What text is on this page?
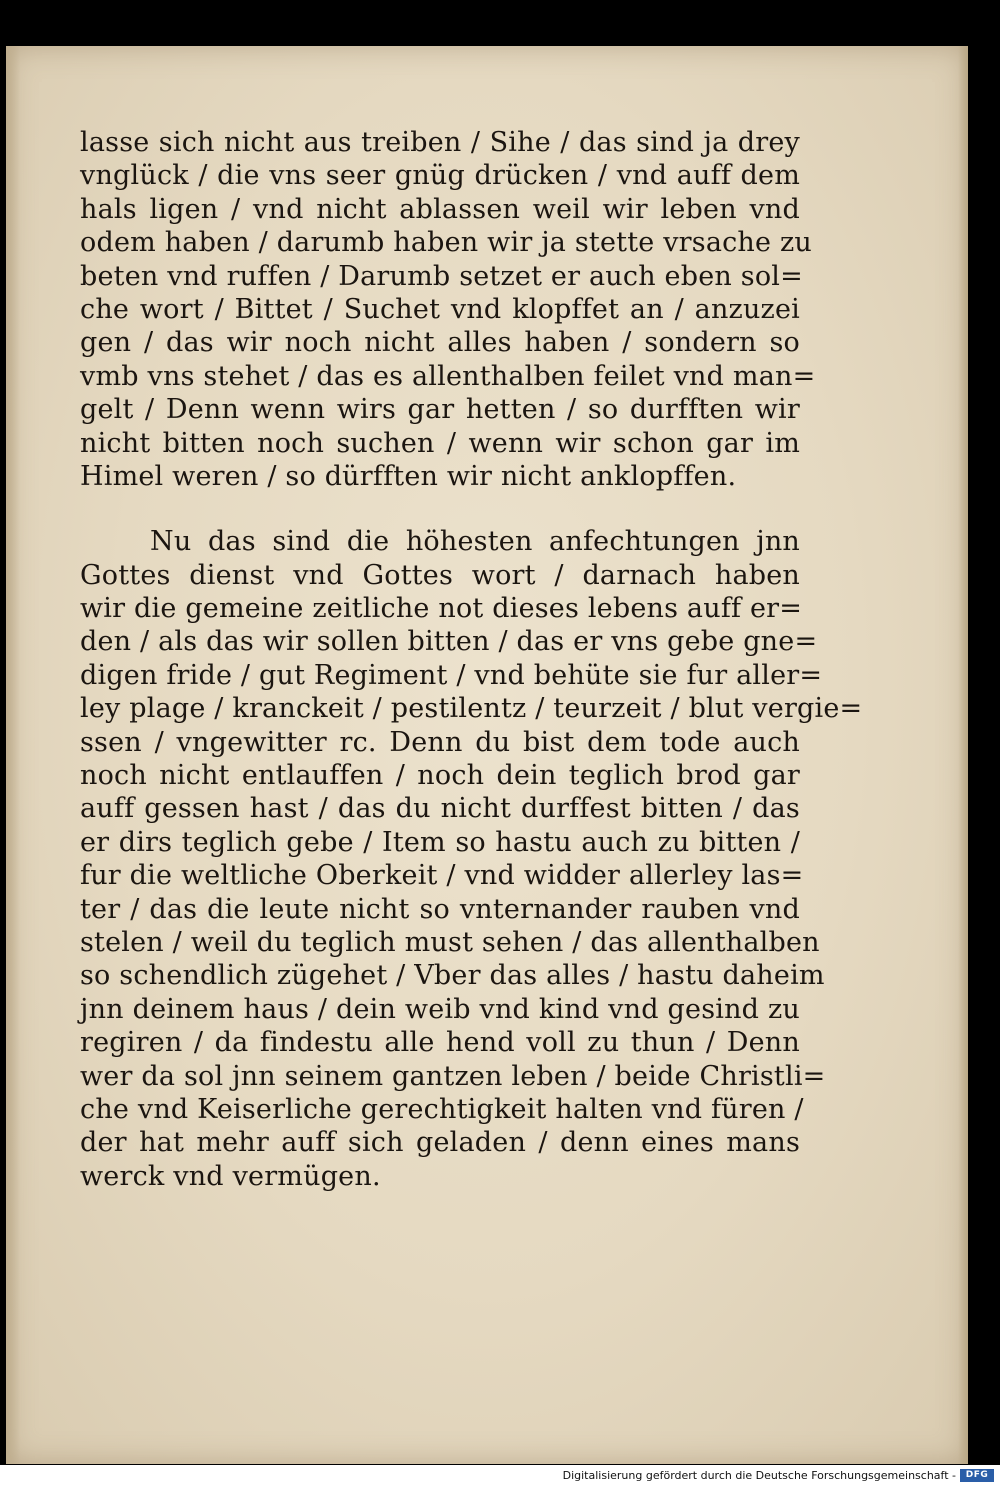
lasse sich nicht aus treiben / Sihe / das sind ja drey
vnglück / die vns seer gnüg drücken / vnd auff dem
hals ligen / vnd nicht ablassen weil wir leben vnd
odem haben / darumb haben wir ja stette vrsache zu
beten vnd ruffen / Darumb setzet er auch eben sol=
che wort / Bittet / Suchet vnd klopffet an / anzuzei
gen / das wir noch nicht alles haben / sondern so
vmb vns stehet / das es allenthalben feilet vnd man=
gelt / Denn wenn wirs gar hetten / so durfften wir
nicht bitten noch suchen / wenn wir schon gar im
Himel weren / so dürfften wir nicht anklopffen.
Nu das sind die höhesten anfechtungen jnn
Gottes dienst vnd Gottes wort / darnach haben
wir die gemeine zeitliche not dieses lebens auff er=
den / als das wir sollen bitten / das er vns gebe gne=
digen fride / gut Regiment / vnd behüte sie fur aller=
ley plage / kranckeit / pestilentz / teurzeit / blut vergie=
ssen / vngewitter rc. Denn du bist dem tode auch
noch nicht entlauffen / noch dein teglich brod gar
auff gessen hast / das du nicht durffest bitten / das
er dirs teglich gebe / Item so hastu auch zu bitten /
fur die weltliche Oberkeit / vnd widder allerley las=
ter / das die leute nicht so vnternander rauben vnd
stelen / weil du teglich must sehen / das allenthalben
so schendlich zügehet / Vber das alles / hastu daheim
jnn deinem haus / dein weib vnd kind vnd gesind zu
regiren / da findestu alle hend voll zu thun / Denn
wer da sol jnn seinem gantzen leben / beide Christli=
che vnd Keiserliche gerechtigkeit halten vnd füren /
der hat mehr auff sich geladen / denn eines mans
werck vnd vermügen.
Digitalisierung gefördert durch die Deutsche Forschungsgemeinschaft -	DFG
